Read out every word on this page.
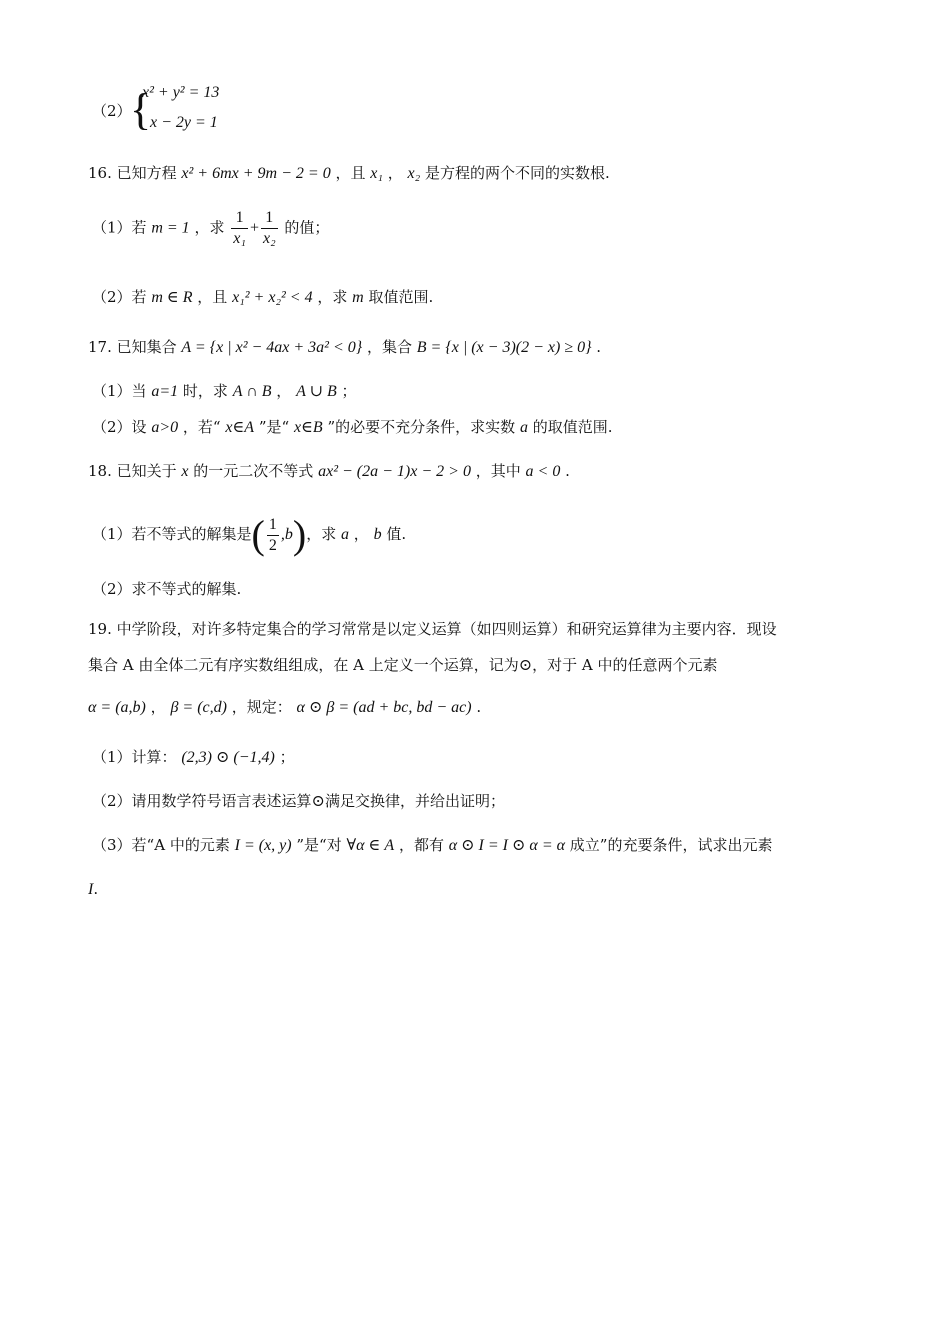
（2）
{
x² + y² = 13
x − 2y = 1
16. 已知方程 x² + 6mx + 9m − 2 = 0 ，且 x₁ ， x₂ 是方程的两个不同的实数根.
（1）若 m = 1 ，求 $\frac{1}{\text{x₁}} + \frac{1}{\text{x₂}}$ 的值；
（2）若 m ∈ R ，且 x₁² + x₂² < 4 ，求 m 取值范围.
17. 已知集合 A = {x | x² − 4ax + 3a² < 0} ，集合 B = {x | (x − 3)(2 − x) ≥ 0} .
（1）当 a=1 时，求 A ∩ B ， A ∪ B ；
（2）设 a>0 ，若“ x∈A ”是“ x∈B ”的必要不充分条件，求实数 a 的取值范围.
18. 已知关于 x 的一元二次不等式 ax² − (2a − 1)x − 2 > 0 ，其中 a < 0 .
（1）若不等式的解集是( $\frac{1}{2} ,b$)，求 a ， b 值.
（2）求不等式的解集.
19. 中学阶段，对许多特定集合的学习常常是以定义运算（如四则运算）和研究运算律为主要内容．现设
集合 A 由全体二元有序实数组组成，在 A 上定义一个运算，记为⊙，对于 A 中的任意两个元素
α = (a,b) ， β = (c,d) ，规定： α ⊙ β = (ad + bc, bd − ac) .
（1）计算： (2,3) ⊙ (−1,4) ；
（2）请用数学符号语言表述运算⊙满足交换律，并给出证明；
（3）若“A 中的元素 I = (x, y) ”是“对 ∀α ∈ A ，都有 α ⊙ I = I ⊙ α = α 成立”的充要条件，试求出元素
I.
